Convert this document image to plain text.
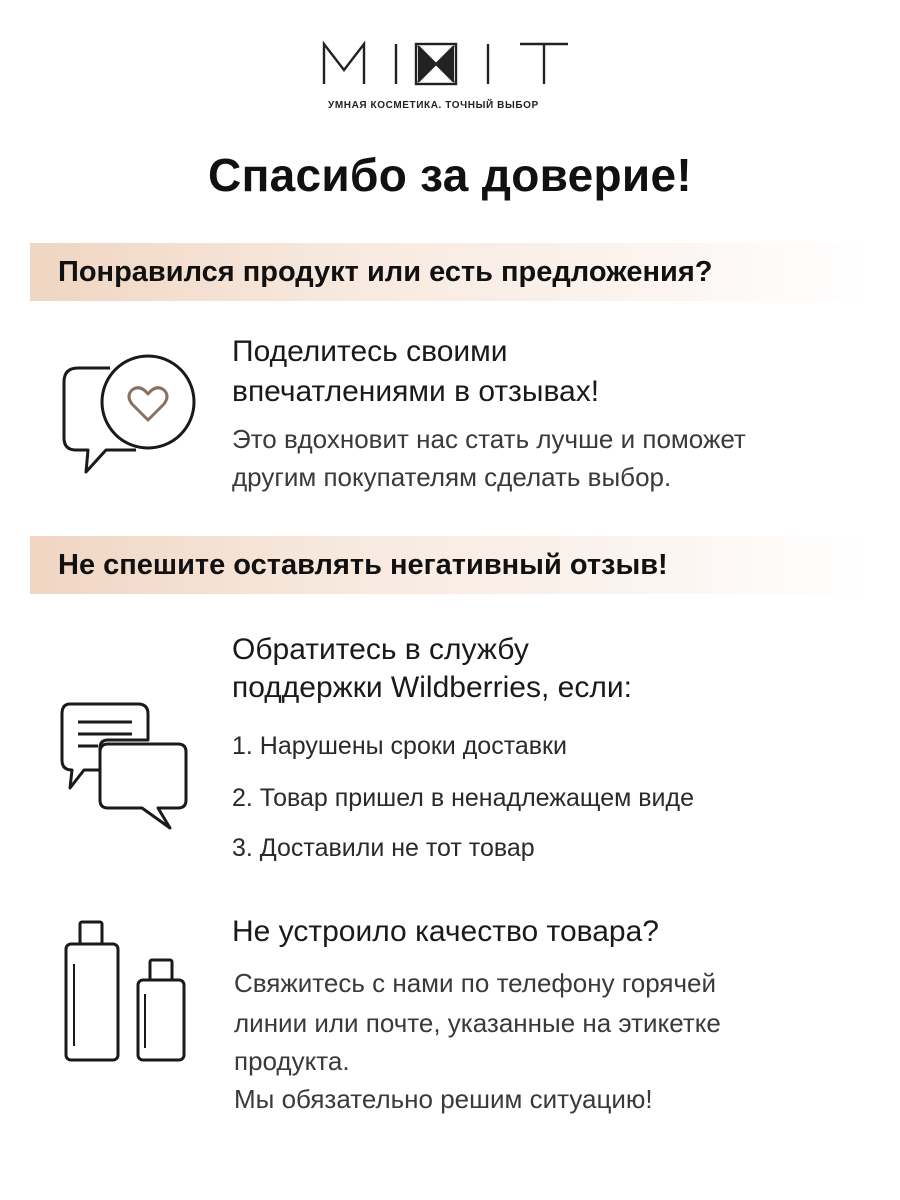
УМНАЯ КОСМЕТИКА. ТОЧНЫЙ ВЫБОР
Спасибо за доверие!
Понравился продукт или есть предложения?
Поделитесь своими
впечатлениями в отзывах!
Это вдохновит нас стать лучше и поможет
другим покупателям сделать выбор.
Не спешите оставлять негативный отзыв!
Обратитесь в службу
поддержки Wildberries, если:
1. Нарушены сроки доставки
2. Товар пришел в ненадлежащем виде
3. Доставили не тот товар
Не устроило качество товара?
Свяжитесь с нами по телефону горячей
линии или почте, указанные на этикетке
продукта.
Мы обязательно решим ситуацию!
